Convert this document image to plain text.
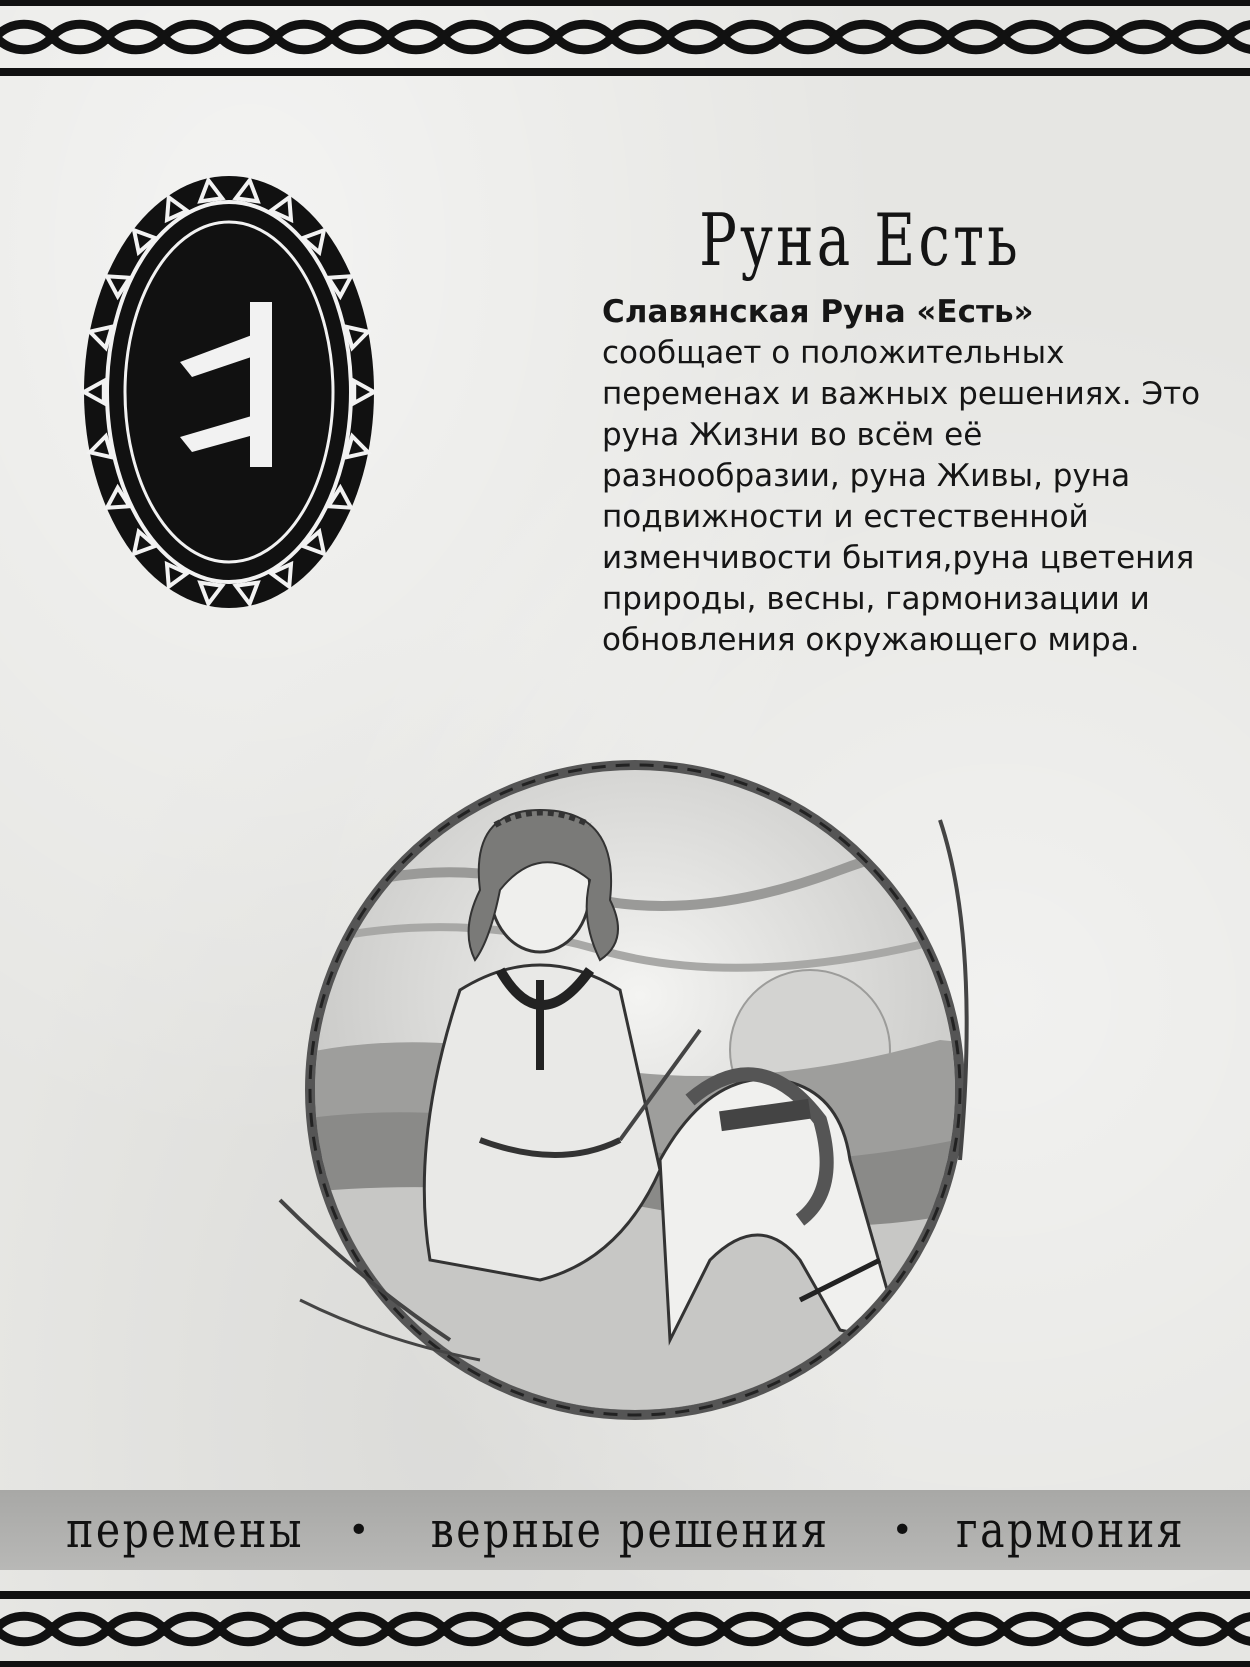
Руна Есть
Славянская Руна «Есть»
сообщает о положительных переменах и важных решениях. Это руна Жизни во всём её разнообразии, руна Живы, руна подвижности и естественной изменчивости бытия,руна цветения природы, весны, гармонизации и обновления окружающего мира.
перемены • верные решения • гармония
